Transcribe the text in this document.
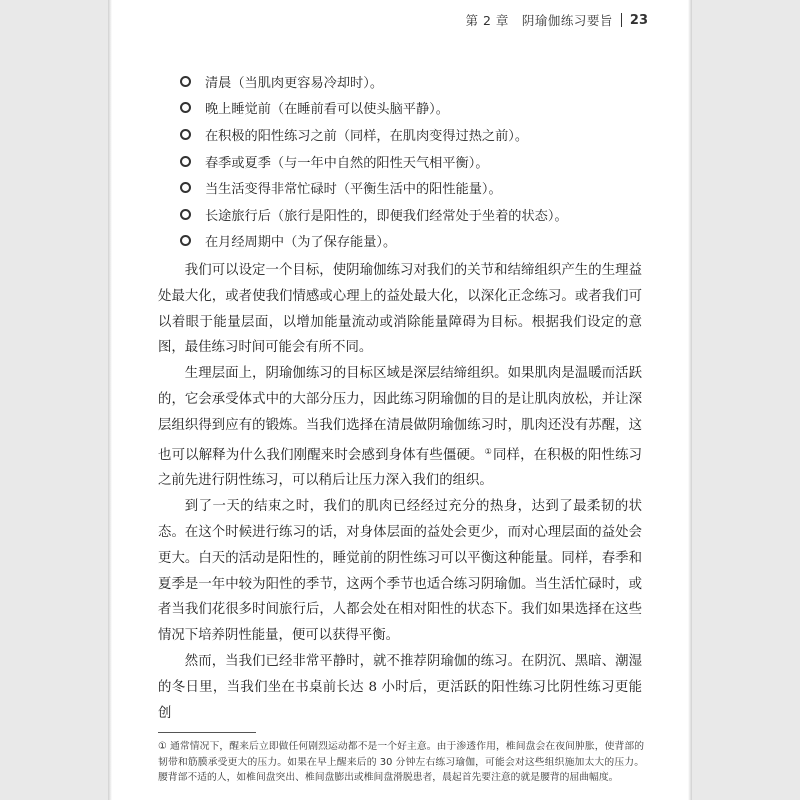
第 2 章　阴瑜伽练习要旨 23
清晨（当肌肉更容易冷却时）。
晚上睡觉前（在睡前看可以使头脑平静）。
在积极的阳性练习之前（同样，在肌肉变得过热之前）。
春季或夏季（与一年中自然的阳性天气相平衡）。
当生活变得非常忙碌时（平衡生活中的阳性能量）。
长途旅行后（旅行是阳性的，即便我们经常处于坐着的状态）。
在月经周期中（为了保存能量）。

我们可以设定一个目标，使阴瑜伽练习对我们的关节和结缔组织产生的生理益处最大化，或者使我们情感或心理上的益处最大化，以深化正念练习。或者我们可以着眼于能量层面，以增加能量流动或消除能量障碍为目标。根据我们设定的意图，最佳练习时间可能会有所不同。

生理层面上，阴瑜伽练习的目标区域是深层结缔组织。如果肌肉是温暖而活跃的，它会承受体式中的大部分压力，因此练习阴瑜伽的目的是让肌肉放松，并让深层组织得到应有的锻炼。当我们选择在清晨做阴瑜伽练习时，肌肉还没有苏醒，这也可以解释为什么我们刚醒来时会感到身体有些僵硬。①同样，在积极的阳性练习之前先进行阴性练习，可以稍后让压力深入我们的组织。

到了一天的结束之时，我们的肌肉已经经过充分的热身，达到了最柔韧的状态。在这个时候进行练习的话，对身体层面的益处会更少，而对心理层面的益处会更大。白天的活动是阳性的，睡觉前的阴性练习可以平衡这种能量。同样，春季和夏季是一年中较为阳性的季节，这两个季节也适合练习阴瑜伽。当生活忙碌时，或者当我们花很多时间旅行后，人都会处在相对阳性的状态下。我们如果选择在这些情况下培养阴性能量，便可以获得平衡。

然而，当我们已经非常平静时，就不推荐阴瑜伽的练习。在阴沉、黑暗、潮湿的冬日里，当我们坐在书桌前长达 8 小时后，更活跃的阳性练习比阴性练习更能创

① 通常情况下，醒来后立即做任何剧烈运动都不是一个好主意。由于渗透作用，椎间盘会在夜间肿胀，使背部的韧带和筋膜承受更大的压力。如果在早上醒来后的 30 分钟左右练习瑜伽，可能会对这些组织施加太大的压力。腰背部不适的人，如椎间盘突出、椎间盘膨出或椎间盘滑脱患者，晨起首先要注意的就是腰背的屈曲幅度。
